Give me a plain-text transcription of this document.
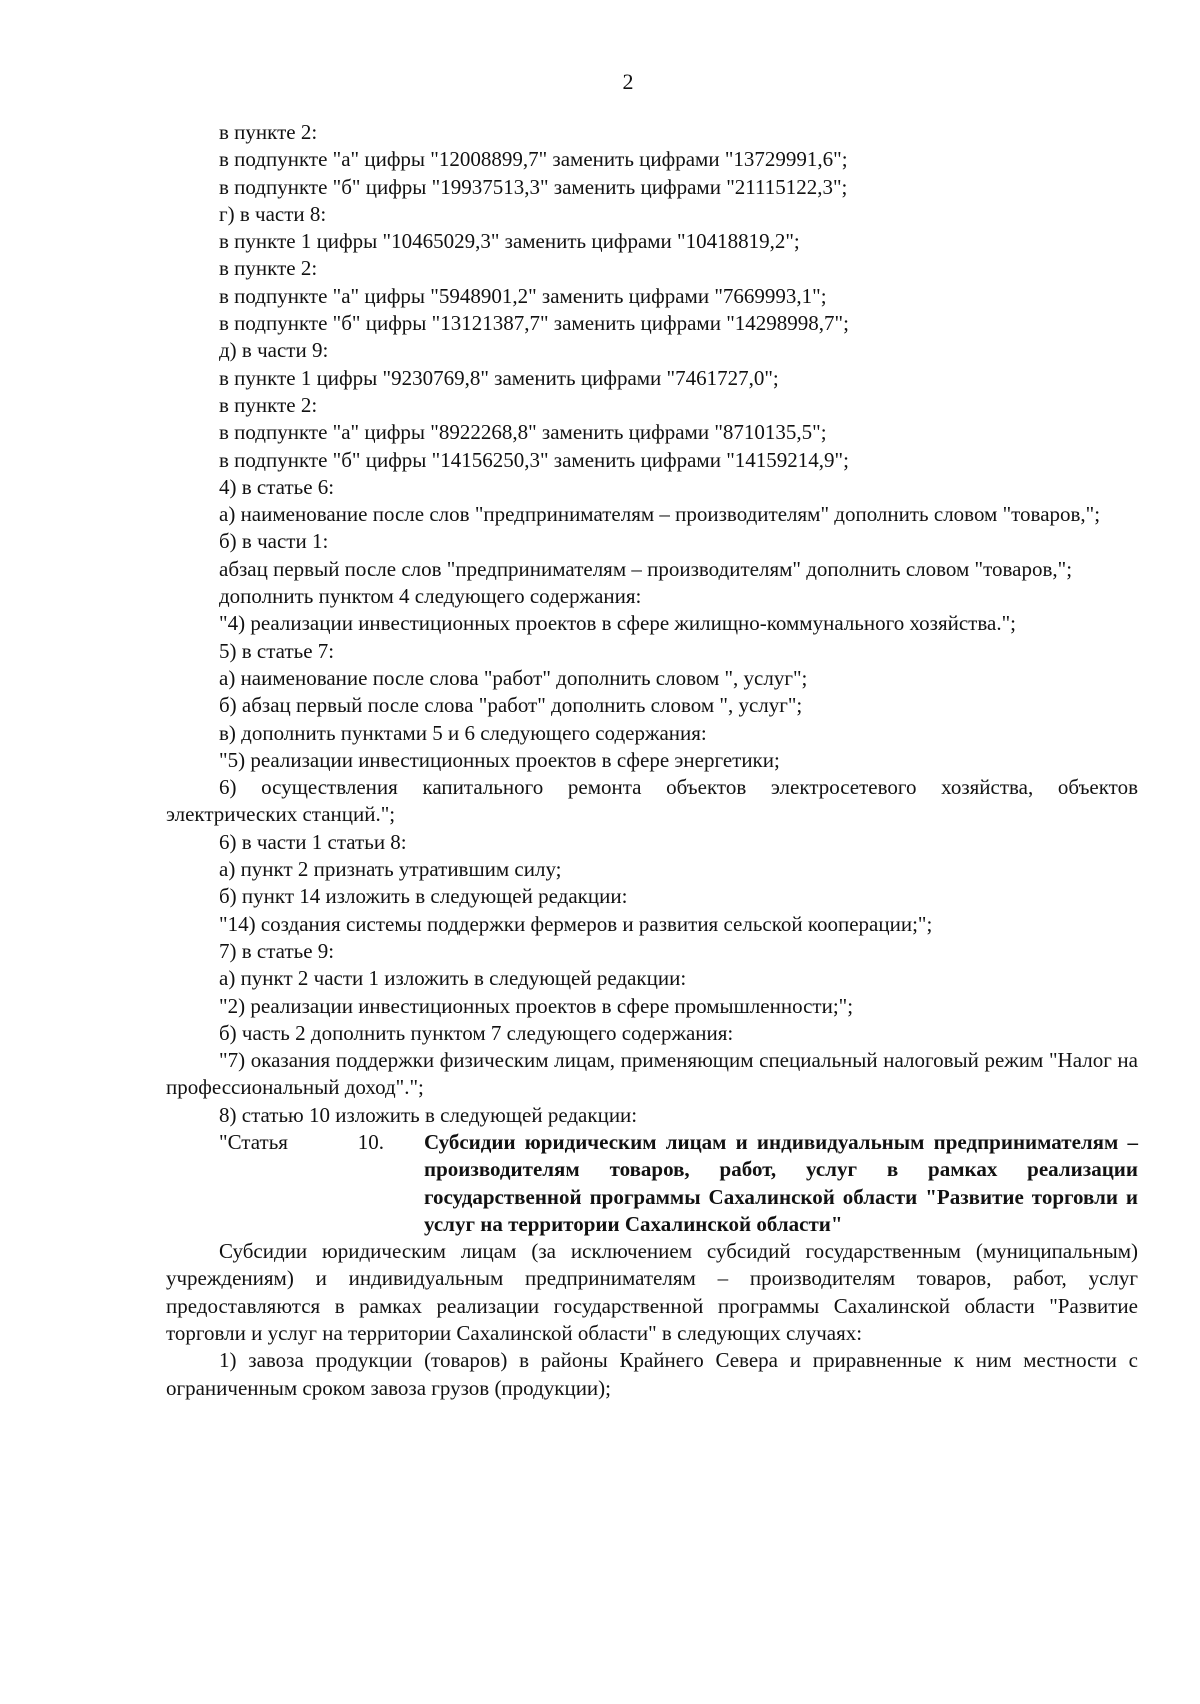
2

в пункте 2:

в подпункте "а" цифры "12008899,7" заменить цифрами "13729991,6";

в подпункте "б" цифры "19937513,3" заменить цифрами "21115122,3";

г) в части 8:

в пункте 1 цифры "10465029,3" заменить цифрами "10418819,2";

в пункте 2:

в подпункте "а" цифры "5948901,2" заменить цифрами "7669993,1";

в подпункте "б" цифры "13121387,7" заменить цифрами "14298998,7";

д) в части 9:

в пункте 1 цифры "9230769,8" заменить цифрами "7461727,0";

в пункте 2:

в подпункте "а" цифры "8922268,8" заменить цифрами "8710135,5";

в подпункте "б" цифры "14156250,3" заменить цифрами "14159214,9";

4) в статье 6:

а) наименование после слов "предпринимателям – производителям" дополнить словом "товаров,";

б) в части 1:

абзац первый после слов "предпринимателям – производителям" дополнить словом "товаров,";

дополнить пунктом 4 следующего содержания:

"4) реализации инвестиционных проектов в сфере жилищно-коммунального хозяйства.";

5) в статье 7:

а) наименование после слова "работ" дополнить словом ", услуг";

б) абзац первый после слова "работ" дополнить словом ", услуг";

в) дополнить пунктами 5 и 6 следующего содержания:

"5) реализации инвестиционных проектов в сфере энергетики;

6) осуществления капитального ремонта объектов электросетевого хозяйства, объектов электрических станций.";

6) в части 1 статьи 8:

а) пункт 2 признать утратившим силу;

б) пункт 14 изложить в следующей редакции:

"14) создания системы поддержки фермеров и развития сельской кооперации;";

7) в статье 9:

а) пункт 2 части 1 изложить в следующей редакции:

"2) реализации инвестиционных проектов в сфере промышленности;";

б) часть 2 дополнить пунктом 7 следующего содержания:

"7) оказания поддержки физическим лицам, применяющим специальный налоговый режим "Налог на профессиональный доход".";

8) статью 10 изложить в следующей редакции:

"Статья	10. Субсидии юридическим лицам и индивидуальным предпринимателям – производителям товаров, работ, услуг в рамках реализации государственной программы Сахалинской области "Развитие торговли и услуг на территории Сахалинской области"

Субсидии юридическим лицам (за исключением субсидий государственным (муниципальным) учреждениям) и индивидуальным предпринимателям – производителям товаров, работ, услуг предоставляются в рамках реализации государственной программы Сахалинской области "Развитие торговли и услуг на территории Сахалинской области" в следующих случаях:

1) завоза продукции (товаров) в районы Крайнего Севера и приравненные к ним местности с ограниченным сроком завоза грузов (продукции);
